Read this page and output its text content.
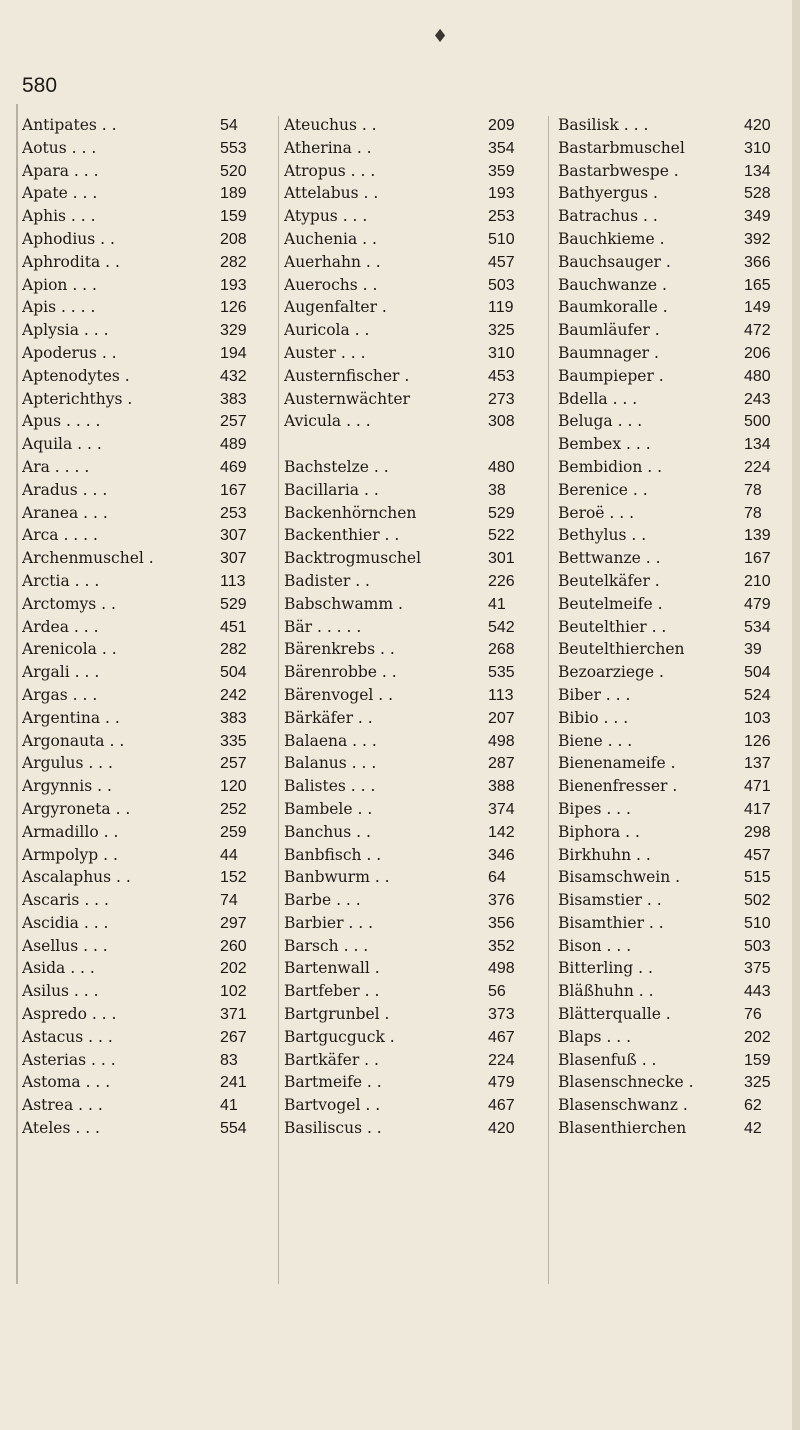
580
♦
Antipates . .	54
Aotus . . .	553
Apara . . .	520
Apate . . .	189
Aphis . . .	159
Aphodius . .	208
Aphrodita . .	282
Apion . . .	193
Apis . . . .	126
Aplysia . . .	329
Apoderus . .	194
Aptenodytes .	432
Apterichthys .	383
Apus . . . .	257
Aquila . . .	489
Ara . . . .	469
Aradus . . .	167
Aranea . . .	253
Arca . . . .	307
Archenmuschel .	307
Arctia . . .	113
Arctomys . .	529
Ardea . . .	451
Arenicola . .	282
Argali . . .	504
Argas . . .	242
Argentina . .	383
Argonauta . .	335
Argulus . . .	257
Argynnis . .	120
Argyroneta . .	252
Armadillo . .	259
Armpolyp . .	44
Ascalaphus . .	152
Ascaris . . .	74
Ascidia . . .	297
Asellus . . .	260
Asida . . .	202
Asilus . . .	102
Aspredo . . .	371
Astacus . . .	267
Asterias . . .	83
Astoma . . .	241
Astrea . . .	41
Ateles . . .	554
Ateuchus . .	209
Atherina . .	354
Atropus . . .	359
Attelabus . .	193
Atypus . . .	253
Auchenia . .	510
Auerhahn . .	457
Auerochs . .	503
Augenfalter .	119
Auricola . .	325
Auster . . .	310
Austernfischer .	453
Austernwächter	273
Avicula . . .	308
Bachstelze . .	480
Bacillaria . .	38
Backenhörnchen	529
Backenthier . .	522
Backtrogmuschel	301
Badister . .	226
Babschwamm .	41
Bär . . . . .	542
Bärenkrebs . .	268
Bärenrobbe . .	535
Bärenvogel . .	113
Bärkäfer . .	207
Balaena . . .	498
Balanus . . .	287
Balistes . . .	388
Bambele . .	374
Banchus . .	142
Banbfisch . .	346
Banbwurm . .	64
Barbe . . .	376
Barbier . . .	356
Barsch . . .	352
Bartenwall .	498
Bartfeber . .	56
Bartgrunbel .	373
Bartgucguck .	467
Bartkäfer . .	224
Bartmeife . .	479
Bartvogel . .	467
Basiliscus . .	420
Basilisk . . .	420
Bastarbmuschel	310
Bastarbwespe .	134
Bathyergus .	528
Batrachus . .	349
Bauchkieme .	392
Bauchsauger .	366
Bauchwanze .	165
Baumkoralle .	149
Baumläufer .	472
Baumnager .	206
Baumpieper .	480
Bdella . . .	243
Beluga . . .	500
Bembex . . .	134
Bembidion . .	224
Berenice . .	78
Beroë . . .	78
Bethylus . .	139
Bettwanze . .	167
Beutelkäfer .	210
Beutelmeife .	479
Beutelthier . .	534
Beutelthierchen	39
Bezoarziege .	504
Biber . . .	524
Bibio . . .	103
Biene . . .	126
Bienenameife .	137
Bienenfresser .	471
Bipes . . .	417
Biphora . .	298
Birkhuhn . .	457
Bisamschwein .	515
Bisamstier . .	502
Bisamthier . .	510
Bison . . .	503
Bitterling . .	375
Bläßhuhn . .	443
Blätterqualle .	76
Blaps . . .	202
Blasenfuß . .	159
Blasenschnecke .	325
Blasenschwanz .	62
Blasenthierchen	42
